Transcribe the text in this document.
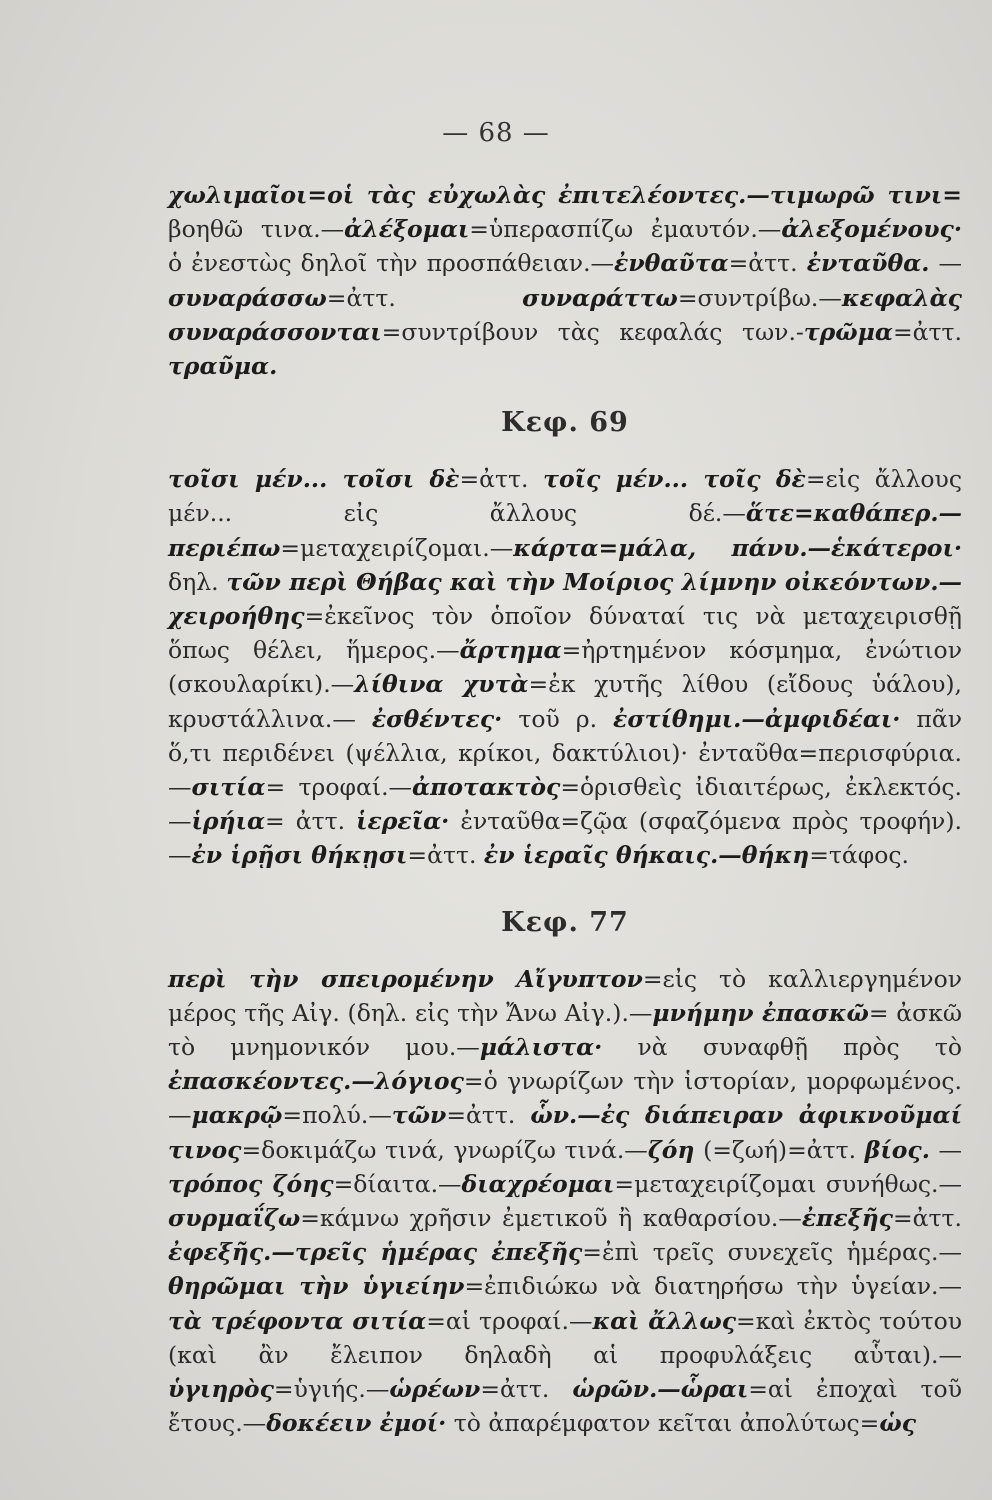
— 68 —

χωλιμαῖοι=οἱ τὰς εὐχωλὰς ἐπιτελέοντες.—τιμωρῶ τινι= βοηθῶ τινα.—ἀλέξομαι=ὑπερασπίζω ἐμαυτόν.—ἀλεξομένους· ὁ ἐνεστὼς δηλοῖ τὴν προσπάθειαν.—ἐνθαῦτα=ἀττ. ἐνταῦθα. —συναράσσω=ἀττ. συναράττω=συντρίβω.—κεφαλὰς συναράσσονται=συντρίβουν τὰς κεφαλάς των.-τρῶμα=ἀττ. τραῦμα.

Κεφ. 69

τοῖσι μέν... τοῖσι δὲ=ἀττ. τοῖς μέν... τοῖς δὲ=εἰς ἄλλους μέν... εἰς ἄλλους δέ.—ἅτε=καθάπερ.—περιέπω=μεταχειρίζομαι.—κάρτα=μάλα, πάνυ.—ἑκάτεροι· δηλ. τῶν περὶ Θήβας καὶ τὴν Μοίριος λίμνην οἰκεόντων.—χειροήθης=ἐκεῖνος τὸν ὁποῖον δύναταί τις νὰ μεταχειρισθῇ ὅπως θέλει, ἥμερος.—ἄρτημα=ἠρτημένον κόσμημα, ἐνώτιον (σκουλαρίκι).—λίθινα χυτὰ=ἐκ χυτῆς λίθου (εἴδους ὑάλου), κρυστάλλινα.— ἐσθέντες· τοῦ ρ. ἐστίθημι.—ἀμφιδέαι· πᾶν ὅ,τι περιδένει (ψέλλια, κρίκοι, δακτύλιοι)· ἐνταῦθα=περισφύρια.—σιτία= τροφαί.—ἀποτακτὸς=ὁρισθεὶς ἰδιαιτέρως, ἐκλεκτός.—ἱρήια= ἀττ. ἱερεῖα· ἐνταῦθα=ζῷα (σφαζόμενα πρὸς τροφήν).—ἐν ἱρῇσι θήκῃσι=ἀττ. ἐν ἱεραῖς θήκαις.—θήκη=τάφος.

Κεφ. 77

περὶ τὴν σπειρομένην Αἴγυπτον=εἰς τὸ καλλιεργημένον μέρος τῆς Αἰγ. (δηλ. εἰς τὴν Ἄνω Αἰγ.).—μνήμην ἐπασκῶ= ἀσκῶ τὸ μνημονικόν μου.—μάλιστα· νὰ συναφθῇ πρὸς τὸ ἐπασκέοντες.—λόγιος=ὁ γνωρίζων τὴν ἱστορίαν, μορφωμένος. —μακρῷ=πολύ.—τῶν=ἀττ. ὧν.—ἐς διάπειραν ἀφικνοῦμαί τινος=δοκιμάζω τινά, γνωρίζω τινά.—ζόη (=ζωή)=ἀττ. βίος. —τρόπος ζόης=δίαιτα.—διαχρέομαι=μεταχειρίζομαι συνήθως.—συρμαΐζω=κάμνω χρῆσιν ἐμετικοῦ ἢ καθαρσίου.—ἐπεξῆς=ἀττ. ἐφεξῆς.—τρεῖς ἡμέρας ἐπεξῆς=ἐπὶ τρεῖς συνεχεῖς ἡμέρας.—θηρῶμαι τὴν ὑγιείην=ἐπιδιώκω νὰ διατηρήσω τὴν ὑγείαν.—τὰ τρέφοντα σιτία=αἱ τροφαί.—καὶ ἄλλως=καὶ ἐκτὸς τούτου (καὶ ἂν ἔλειπον δηλαδὴ αἱ προφυλάξεις αὗται).— ὑγιηρὸς=ὑγιής.—ὡρέων=ἀττ. ὡρῶν.—ὧραι=αἱ ἐποχαὶ τοῦ ἔτους.—δοκέειν ἐμοί· τὸ ἀπαρέμφατον κεῖται ἀπολύτως=ὡς
